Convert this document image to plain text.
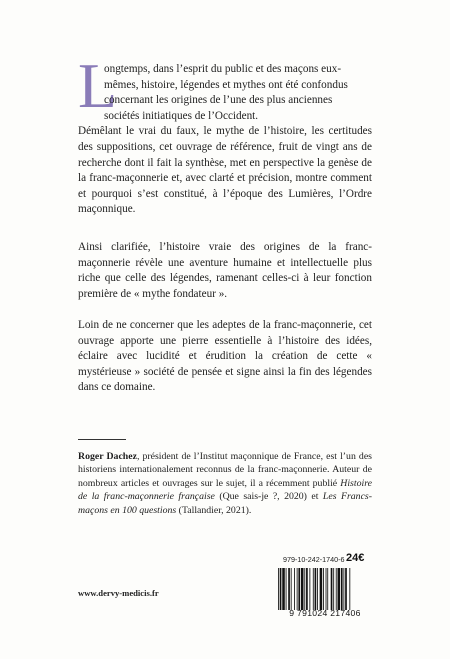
L

ongtemps, dans l’esprit du public et des maçons eux-
mêmes, histoire, légendes et mythes ont été confondus
concernant les origines de l’une des plus anciennes
sociétés initiatiques de l’Occident.
Démêlant le vrai du faux, le mythe de l’histoire, les certitudes des suppositions, cet ouvrage de référence, fruit de vingt ans de recherche dont il fait la synthèse, met en perspective la genèse de la franc-maçonnerie et, avec clarté et précision, montre comment et pourquoi s’est constitué, à l’époque des Lumières, l’Ordre maçonnique.

Ainsi clarifiée, l’histoire vraie des origines de la franc-maçonnerie révèle une aventure humaine et intellectuelle plus riche que celle des légendes, ramenant celles-ci à leur fonction première de « mythe fondateur ».

Loin de ne concerner que les adeptes de la franc-maçonnerie, cet ouvrage apporte une pierre essentielle à l’histoire des idées, éclaire avec lucidité et érudition la création de cette « mystérieuse » société de pensée et signe ainsi la fin des légendes dans ce domaine.

Roger Dachez, président de l’Institut maçonnique de France, est l’un des historiens internationalement reconnus de la franc-maçonnerie. Auteur de nombreux articles et ouvrages sur le sujet, il a récemment publié Histoire de la franc-maçonnerie française (Que sais-je ?, 2020) et Les Francs-maçons en 100 questions (Tallandier, 2021).

979-10-242-1740-6 24€
9 791024 217406
www.dervy-medicis.fr
